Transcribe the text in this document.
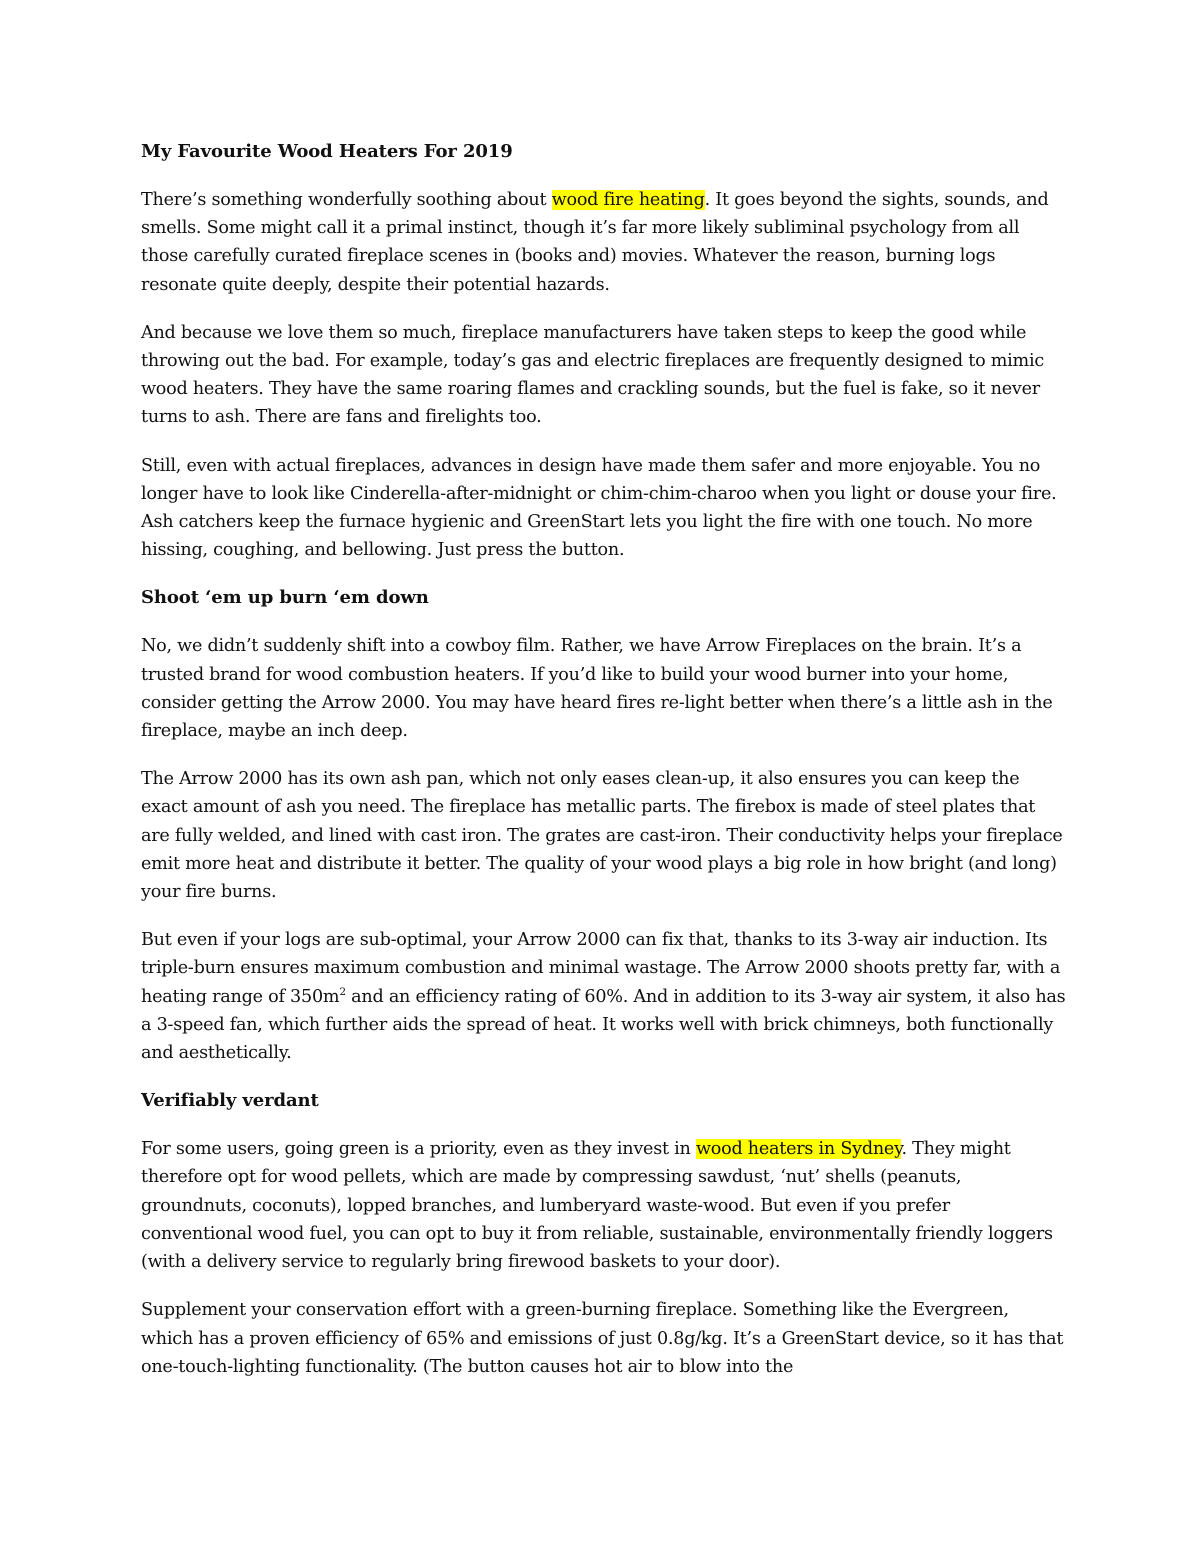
My Favourite Wood Heaters For 2019

There’s something wonderfully soothing about wood fire heating. It goes beyond the sights, sounds, and smells. Some might call it a primal instinct, though it’s far more likely subliminal psychology from all those carefully curated fireplace scenes in (books and) movies. Whatever the reason, burning logs resonate quite deeply, despite their potential hazards.

And because we love them so much, fireplace manufacturers have taken steps to keep the good while throwing out the bad. For example, today’s gas and electric fireplaces are frequently designed to mimic wood heaters. They have the same roaring flames and crackling sounds, but the fuel is fake, so it never turns to ash. There are fans and firelights too.

Still, even with actual fireplaces, advances in design have made them safer and more enjoyable. You no longer have to look like Cinderella-after-midnight or chim-chim-charoo when you light or douse your fire. Ash catchers keep the furnace hygienic and GreenStart lets you light the fire with one touch. No more hissing, coughing, and bellowing. Just press the button.

Shoot ‘em up burn ‘em down

No, we didn’t suddenly shift into a cowboy film. Rather, we have Arrow Fireplaces on the brain. It’s a trusted brand for wood combustion heaters. If you’d like to build your wood burner into your home, consider getting the Arrow 2000. You may have heard fires re-light better when there’s a little ash in the fireplace, maybe an inch deep.

The Arrow 2000 has its own ash pan, which not only eases clean-up, it also ensures you can keep the exact amount of ash you need. The fireplace has metallic parts. The firebox is made of steel plates that are fully welded, and lined with cast iron. The grates are cast-iron. Their conductivity helps your fireplace emit more heat and distribute it better. The quality of your wood plays a big role in how bright (and long) your fire burns.

But even if your logs are sub-optimal, your Arrow 2000 can fix that, thanks to its 3-way air induction. Its triple-burn ensures maximum combustion and minimal wastage. The Arrow 2000 shoots pretty far, with a heating range of $350m^2$ and an efficiency rating of 60%. And in addition to its 3-way air system, it also has a 3-speed fan, which further aids the spread of heat. It works well with brick chimneys, both functionally and aesthetically.

Verifiably verdant

For some users, going green is a priority, even as they invest in wood heaters in Sydney. They might therefore opt for wood pellets, which are made by compressing sawdust, ‘nut’ shells (peanuts, groundnuts, coconuts), lopped branches, and lumberyard waste-wood. But even if you prefer conventional wood fuel, you can opt to buy it from reliable, sustainable, environmentally friendly loggers (with a delivery service to regularly bring firewood baskets to your door).

Supplement your conservation effort with a green-burning fireplace. Something like the Evergreen, which has a proven efficiency of 65% and emissions of just 0.8g/kg. It’s a GreenStart device, so it has that one-touch-lighting functionality. (The button causes hot air to blow into the
